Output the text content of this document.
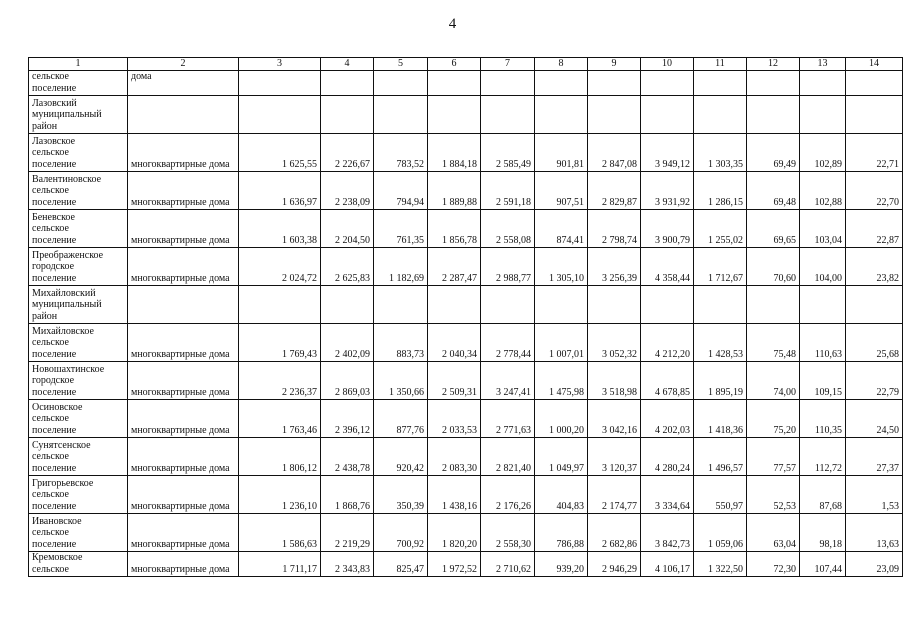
4
1	2	3	4	5	6	7	8	9	10	11	12	13	14

сельское
поселение	дома												

Лазовский
муниципальный
район													

Лазовское
сельское
поселение	многоквартирные дома	1 625,55	2 226,67	783,52	1 884,18	2 585,49	901,81	2 847,08	3 949,12	1 303,35	69,49	102,89	22,71

Валентиновское
сельское
поселение	многоквартирные дома	1 636,97	2 238,09	794,94	1 889,88	2 591,18	907,51	2 829,87	3 931,92	1 286,15	69,48	102,88	22,70

Беневское
сельское
поселение	многоквартирные дома	1 603,38	2 204,50	761,35	1 856,78	2 558,08	874,41	2 798,74	3 900,79	1 255,02	69,65	103,04	22,87

Преображенское
городское
поселение	многоквартирные дома	2 024,72	2 625,83	1 182,69	2 287,47	2 988,77	1 305,10	3 256,39	4 358,44	1 712,67	70,60	104,00	23,82

Михайловский
муниципальный
район													

Михайловское
сельское
поселение	многоквартирные дома	1 769,43	2 402,09	883,73	2 040,34	2 778,44	1 007,01	3 052,32	4 212,20	1 428,53	75,48	110,63	25,68

Новошахтинское
городское
поселение	многоквартирные дома	2 236,37	2 869,03	1 350,66	2 509,31	3 247,41	1 475,98	3 518,98	4 678,85	1 895,19	74,00	109,15	22,79

Осиновское
сельское
поселение	многоквартирные дома	1 763,46	2 396,12	877,76	2 033,53	2 771,63	1 000,20	3 042,16	4 202,03	1 418,36	75,20	110,35	24,50

Сунятсенское
сельское
поселение	многоквартирные дома	1 806,12	2 438,78	920,42	2 083,30	2 821,40	1 049,97	3 120,37	4 280,24	1 496,57	77,57	112,72	27,37

Григорьевское
сельское
поселение	многоквартирные дома	1 236,10	1 868,76	350,39	1 438,16	2 176,26	404,83	2 174,77	3 334,64	550,97	52,53	87,68	1,53

Ивановское
сельское
поселение	многоквартирные дома	1 586,63	2 219,29	700,92	1 820,20	2 558,30	786,88	2 682,86	3 842,73	1 059,06	63,04	98,18	13,63

Кремовское
сельское	многоквартирные дома	1 711,17	2 343,83	825,47	1 972,52	2 710,62	939,20	2 946,29	4 106,17	1 322,50	72,30	107,44	23,09
